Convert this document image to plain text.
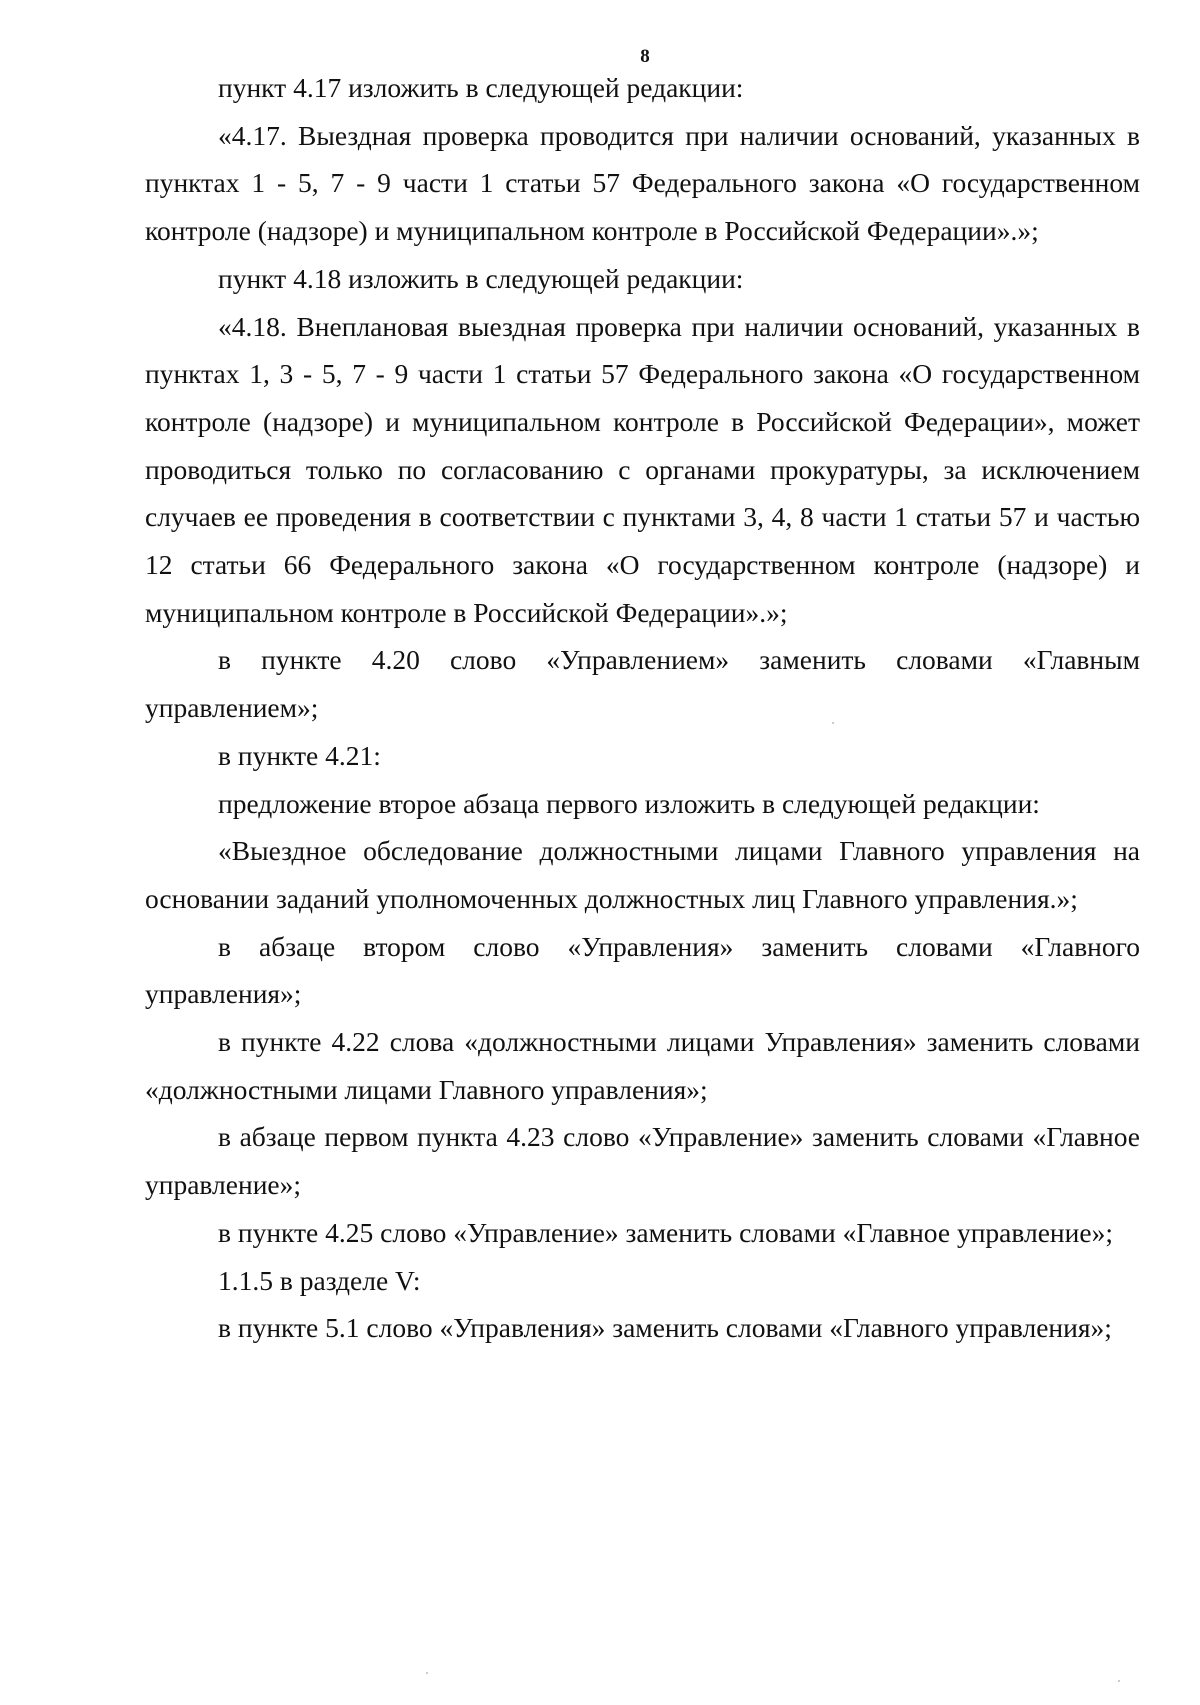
8

пункт 4.17 изложить в следующей редакции:

«4.17. Выездная проверка проводится при наличии оснований, указанных в пунктах 1 - 5, 7 - 9 части 1 статьи 57 Федерального закона «О государственном контроле (надзоре) и муниципальном контроле в Российской Федерации».»;

пункт 4.18 изложить в следующей редакции:

«4.18. Внеплановая выездная проверка при наличии оснований, указанных в пунктах 1, 3 - 5, 7 - 9 части 1 статьи 57 Федерального закона «О государственном контроле (надзоре) и муниципальном контроле в Российской Федерации», может проводиться только по согласованию с органами прокуратуры, за исключением случаев ее проведения в соответствии с пунктами 3, 4, 8 части 1 статьи 57 и частью 12 статьи 66 Федерального закона «О государственном контроле (надзоре) и муниципальном контроле в Российской Федерации».»;

в пункте 4.20 слово «Управлением» заменить словами «Главным управлением»;

в пункте 4.21:

предложение второе абзаца первого изложить в следующей редакции:

«Выездное обследование должностными лицами Главного управления на основании заданий уполномоченных должностных лиц Главного управления.»;

в абзаце втором слово «Управления» заменить словами «Главного управления»;

в пункте 4.22 слова «должностными лицами Управления» заменить словами «должностными лицами Главного управления»;

в абзаце первом пункта 4.23 слово «Управление» заменить словами «Главное управление»;

в пункте 4.25 слово «Управление» заменить словами «Главное управление»;

1.1.5 в разделе V:

в пункте 5.1 слово «Управления» заменить словами «Главного управления»;
